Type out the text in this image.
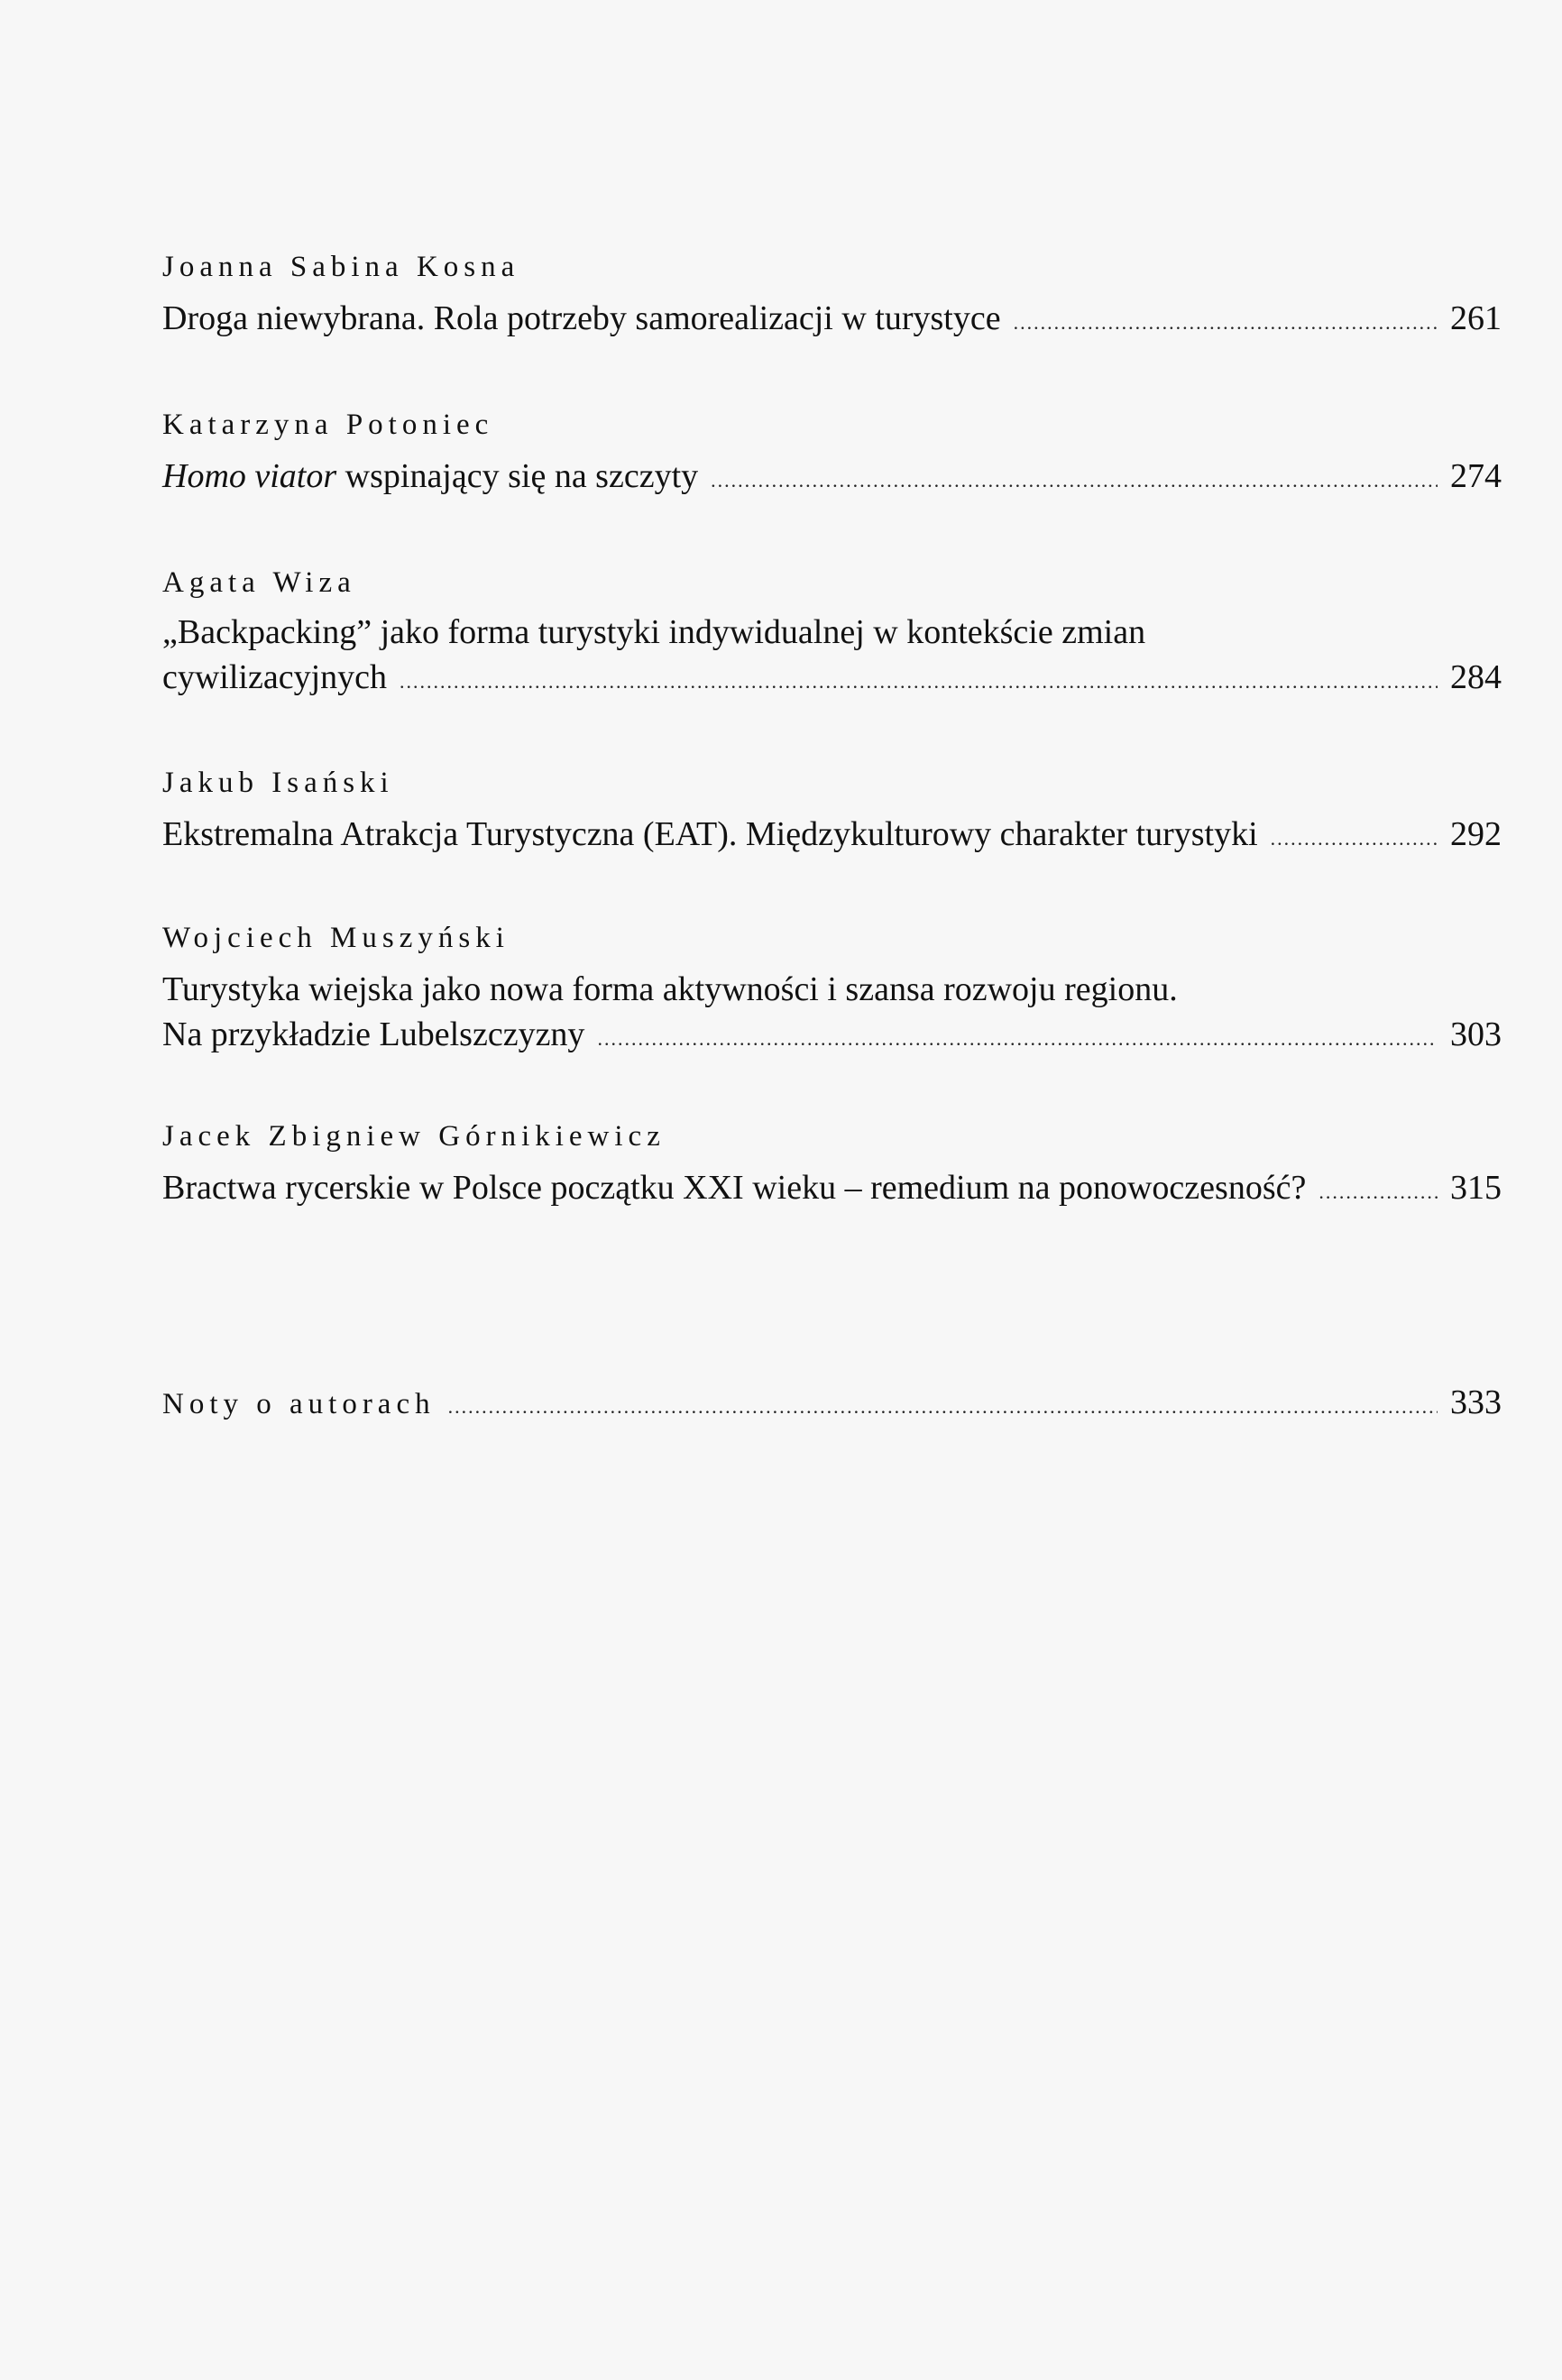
Joanna Sabina Kosna
Droga niewybrana. Rola potrzeby samorealizacji w turystyce .....	261
Katarzyna Potoniec
Homo viator wspinający się na szczyty .....	274
Agata Wiza
„Backpacking” jako forma turystyki indywidualnej w kontekście zmian
cywilizacyjnych .....	284
Jakub Isański
Ekstremalna Atrakcja Turystyczna (EAT). Międzykulturowy charakter turystyki .....	292
Wojciech Muszyński
Turystyka wiejska jako nowa forma aktywności i szansa rozwoju regionu.
Na przykładzie Lubelszczyzny .....	303
Jacek Zbigniew Górnikiewicz
Bractwa rycerskie w Polsce początku XXI wieku – remedium na ponowoczesność? .....	315
Noty o autorach .....	333
